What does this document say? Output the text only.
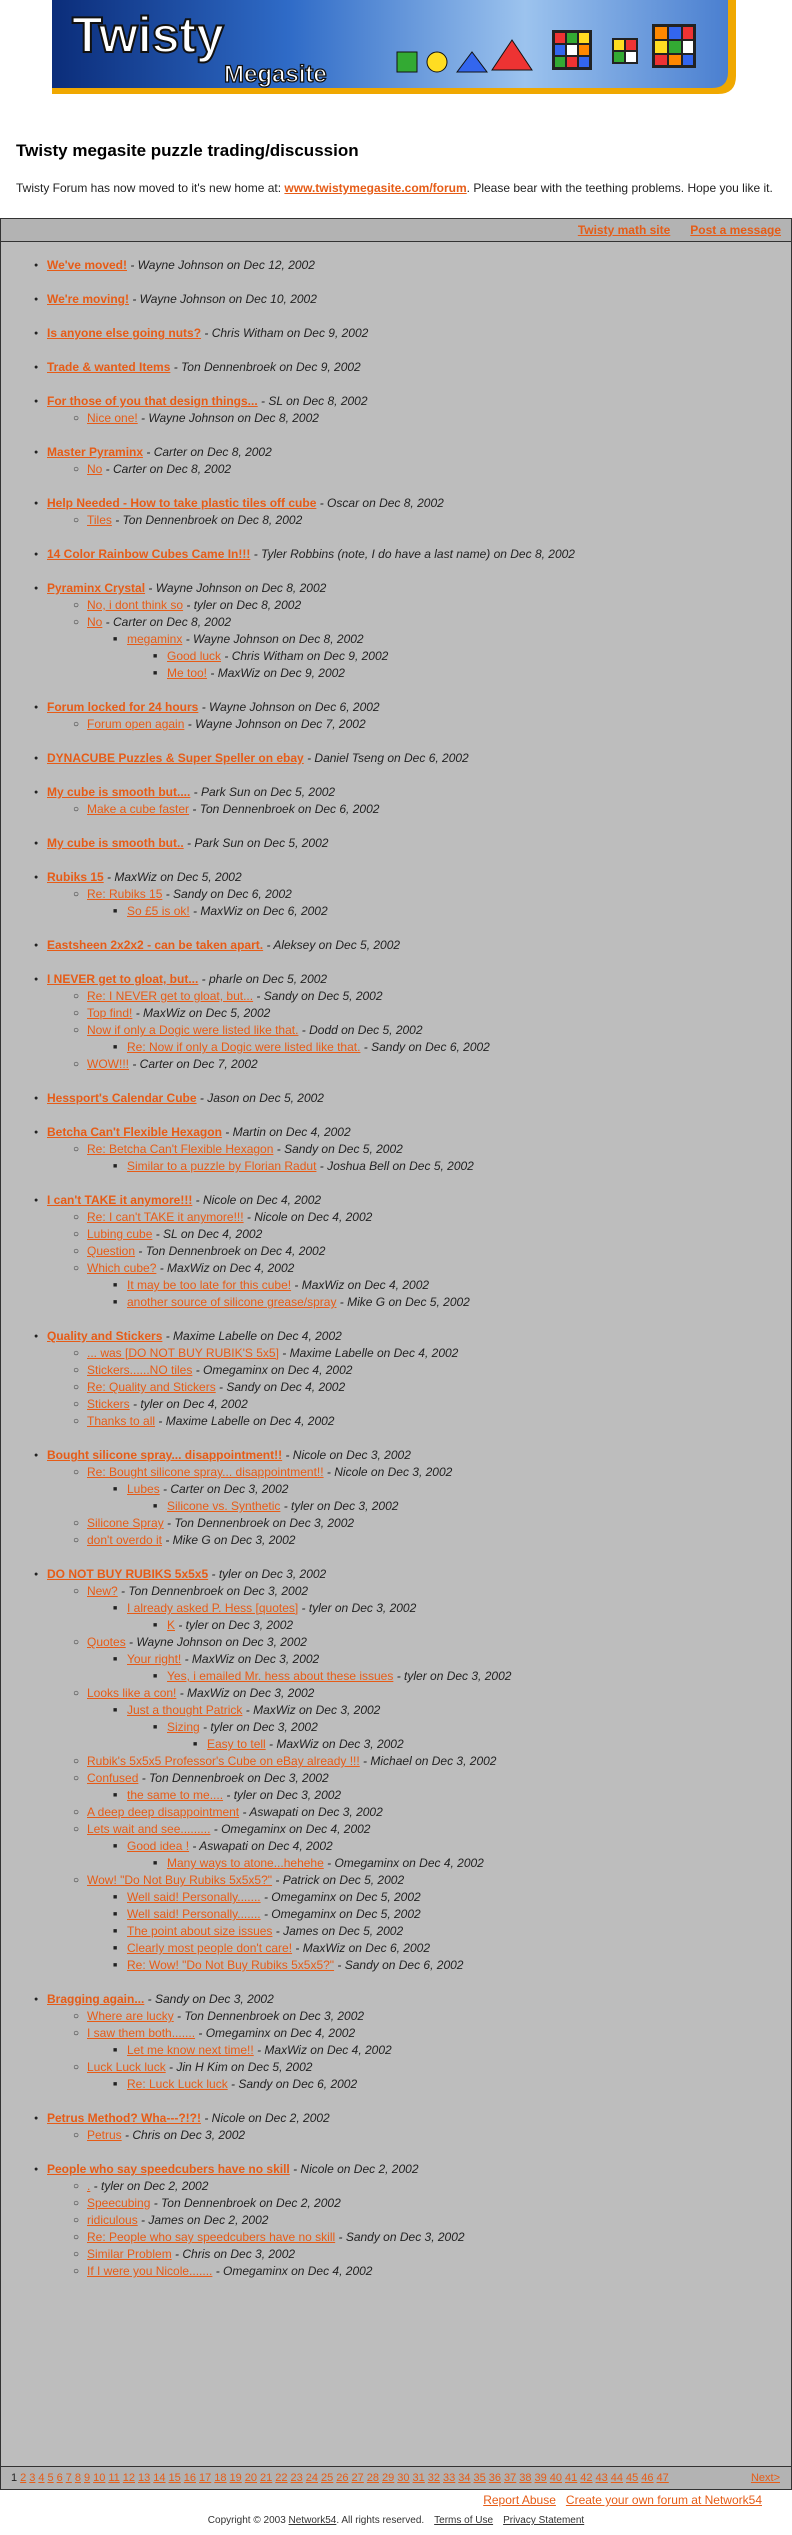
Twisty
Megasite
Twisty megasite puzzle trading/discussion
Twisty Forum has now moved to it's new home at: www.twistymegasite.com/forum. Please bear with the teething problems. Hope you like it.
Twisty math site Post a message
● We've moved! - Wayne Johnson on Dec 12, 2002
● We're moving! - Wayne Johnson on Dec 10, 2002
● Is anyone else going nuts? - Chris Witham on Dec 9, 2002
● Trade & wanted Items - Ton Dennenbroek on Dec 9, 2002
● For those of you that design things... - SL on Dec 8, 2002
○ Nice one! - Wayne Johnson on Dec 8, 2002
● Master Pyraminx - Carter on Dec 8, 2002
○ No - Carter on Dec 8, 2002
● Help Needed - How to take plastic tiles off cube - Oscar on Dec 8, 2002
○ Tiles - Ton Dennenbroek on Dec 8, 2002
● 14 Color Rainbow Cubes Came In!!! - Tyler Robbins (note, I do have a last name) on Dec 8, 2002
● Pyraminx Crystal - Wayne Johnson on Dec 8, 2002
○ No, i dont think so - tyler on Dec 8, 2002
○ No - Carter on Dec 8, 2002
■ megaminx - Wayne Johnson on Dec 8, 2002
■ Good luck - Chris Witham on Dec 9, 2002
■ Me too! - MaxWiz on Dec 9, 2002
● Forum locked for 24 hours - Wayne Johnson on Dec 6, 2002
○ Forum open again - Wayne Johnson on Dec 7, 2002
● DYNACUBE Puzzles & Super Speller on ebay - Daniel Tseng on Dec 6, 2002
● My cube is smooth but.... - Park Sun on Dec 5, 2002
○ Make a cube faster - Ton Dennenbroek on Dec 6, 2002
● My cube is smooth but.. - Park Sun on Dec 5, 2002
● Rubiks 15 - MaxWiz on Dec 5, 2002
○ Re: Rubiks 15 - Sandy on Dec 6, 2002
■ So £5 is ok! - MaxWiz on Dec 6, 2002
● Eastsheen 2x2x2 - can be taken apart. - Aleksey on Dec 5, 2002
● I NEVER get to gloat, but... - pharle on Dec 5, 2002
○ Re: I NEVER get to gloat, but... - Sandy on Dec 5, 2002
○ Top find! - MaxWiz on Dec 5, 2002
○ Now if only a Dogic were listed like that. - Dodd on Dec 5, 2002
■ Re: Now if only a Dogic were listed like that. - Sandy on Dec 6, 2002
○ WOW!!! - Carter on Dec 7, 2002
● Hessport's Calendar Cube - Jason on Dec 5, 2002
● Betcha Can't Flexible Hexagon - Martin on Dec 4, 2002
○ Re: Betcha Can't Flexible Hexagon - Sandy on Dec 5, 2002
■ Similar to a puzzle by Florian Radut - Joshua Bell on Dec 5, 2002
● I can't TAKE it anymore!!! - Nicole on Dec 4, 2002
○ Re: I can't TAKE it anymore!!! - Nicole on Dec 4, 2002
○ Lubing cube - SL on Dec 4, 2002
○ Question - Ton Dennenbroek on Dec 4, 2002
○ Which cube? - MaxWiz on Dec 4, 2002
■ It may be too late for this cube! - MaxWiz on Dec 4, 2002
■ another source of silicone grease/spray - Mike G on Dec 5, 2002
● Quality and Stickers - Maxime Labelle on Dec 4, 2002
○ ... was [DO NOT BUY RUBIK'S 5x5] - Maxime Labelle on Dec 4, 2002
○ Stickers......NO tiles - Omegaminx on Dec 4, 2002
○ Re: Quality and Stickers - Sandy on Dec 4, 2002
○ Stickers - tyler on Dec 4, 2002
○ Thanks to all - Maxime Labelle on Dec 4, 2002
● Bought silicone spray... disappointment!! - Nicole on Dec 3, 2002
○ Re: Bought silicone spray... disappointment!! - Nicole on Dec 3, 2002
■ Lubes - Carter on Dec 3, 2002
■ Silicone vs. Synthetic - tyler on Dec 3, 2002
○ Silicone Spray - Ton Dennenbroek on Dec 3, 2002
○ don't overdo it - Mike G on Dec 3, 2002
● DO NOT BUY RUBIKS 5x5x5 - tyler on Dec 3, 2002
○ New? - Ton Dennenbroek on Dec 3, 2002
■ I already asked P. Hess [quotes] - tyler on Dec 3, 2002
■ K - tyler on Dec 3, 2002
○ Quotes - Wayne Johnson on Dec 3, 2002
■ Your right! - MaxWiz on Dec 3, 2002
■ Yes, i emailed Mr. hess about these issues - tyler on Dec 3, 2002
○ Looks like a con! - MaxWiz on Dec 3, 2002
■ Just a thought Patrick - MaxWiz on Dec 3, 2002
■ Sizing - tyler on Dec 3, 2002
■ Easy to tell - MaxWiz on Dec 3, 2002
○ Rubik's 5x5x5 Professor's Cube on eBay already !!! - Michael on Dec 3, 2002
○ Confused - Ton Dennenbroek on Dec 3, 2002
■ the same to me.... - tyler on Dec 3, 2002
○ A deep deep disappointment - Aswapati on Dec 3, 2002
○ Lets wait and see......... - Omegaminx on Dec 4, 2002
■ Good idea ! - Aswapati on Dec 4, 2002
■ Many ways to atone...hehehe - Omegaminx on Dec 4, 2002
○ Wow! "Do Not Buy Rubiks 5x5x5?" - Patrick on Dec 5, 2002
■ Well said! Personally....... - Omegaminx on Dec 5, 2002
■ Well said! Personally....... - Omegaminx on Dec 5, 2002
■ The point about size issues - James on Dec 5, 2002
■ Clearly most people don't care! - MaxWiz on Dec 6, 2002
■ Re: Wow! "Do Not Buy Rubiks 5x5x5?" - Sandy on Dec 6, 2002
● Bragging again... - Sandy on Dec 3, 2002
○ Where are lucky - Ton Dennenbroek on Dec 3, 2002
○ I saw them both....... - Omegaminx on Dec 4, 2002
■ Let me know next time!! - MaxWiz on Dec 4, 2002
○ Luck Luck luck - Jin H Kim on Dec 5, 2002
■ Re: Luck Luck luck - Sandy on Dec 6, 2002
● Petrus Method? Wha---?!?! - Nicole on Dec 2, 2002
○ Petrus - Chris on Dec 3, 2002
● People who say speedcubers have no skill - Nicole on Dec 2, 2002
○ . - tyler on Dec 2, 2002
○ Speecubing - Ton Dennenbroek on Dec 2, 2002
○ ridiculous - James on Dec 2, 2002
○ Re: People who say speedcubers have no skill - Sandy on Dec 3, 2002
○ Similar Problem - Chris on Dec 3, 2002
○ If I were you Nicole....... - Omegaminx on Dec 4, 2002
1 2 3 4 5 6 7 8 9 10 11 12 13 14 15 16 17 18 19 20 21 22 23 24 25 26 27 28 29 30 31 32 33 34 35 36 37 38 39 40 41 42 43 44 45 46 47	Next>
Report Abuse Create your own forum at Network54
Copyright © 2003 Network54. All rights reserved. Terms of Use Privacy Statement
